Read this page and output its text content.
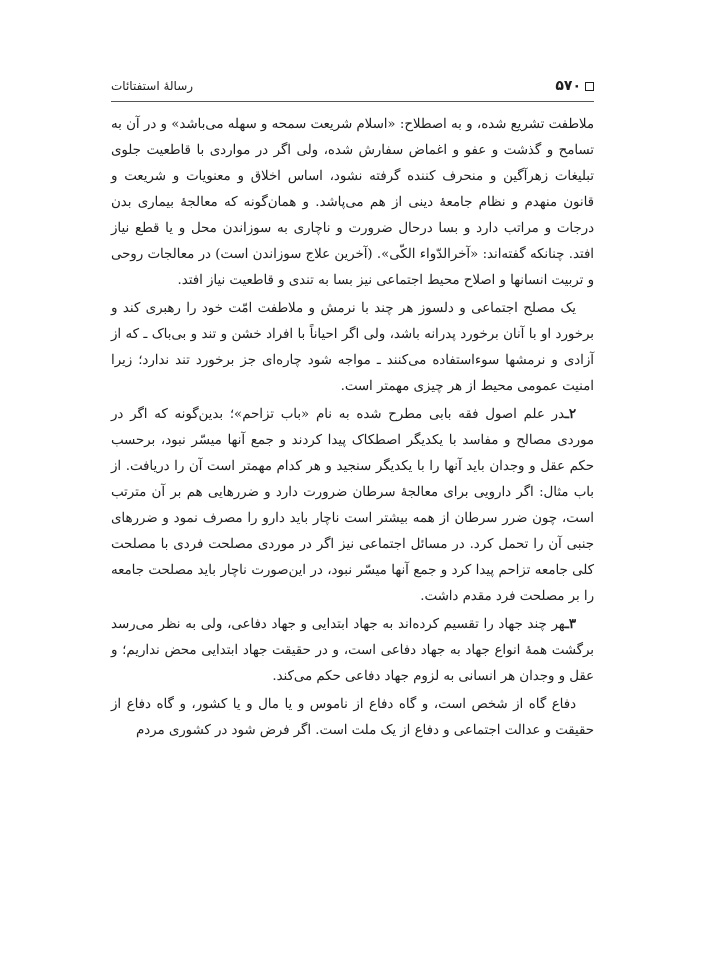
۵۷۰
رسالهٔ استفتائات

ملاطفت تشریع شده، و به اصطلاح: «اسلام شریعت سمحه و سهله می‌باشد» و در آن به تسامح و گذشت و عفو و اغماض سفارش شده، ولی اگر در مواردی با قاطعیت جلوی تبلیغات زهرآگین و منحرف کننده گرفته نشود، اساس اخلاق و معنویات و شریعت و قانون منهدم و نظام جامعهٔ دینی از هم می‌پاشد. و همان‌گونه که معالجهٔ بیماری بدن درجات و مراتب دارد و بسا درحال ضرورت و ناچاری به سوزاندن محل و یا قطع نیاز افتد. چنانکه گفته‌اند: «آخرالدّواء الکّی». (آخرین علاج سوزاندن است) در معالجات روحی و تربیت انسانها و اصلاح محیط اجتماعی نیز بسا به تندی و قاطعیت نیاز افتد.

یک مصلح اجتماعی و دلسوز هر چند با نرمش و ملاطفت امّت خود را رهبری کند و برخورد او با آنان برخورد پدرانه باشد، ولی اگر احیاناً با افراد خشن و تند و بی‌باک ـ که از آزادی و نرمشها سوءاستفاده می‌کنند ـ مواجه شود چاره‌ای جز برخورد تند ندارد؛ زیرا امنیت عمومی محیط از هر چیزی مهمتر است.

۲ـدر علم اصول فقه بابی مطرح شده به نام «باب تزاحم»؛ بدین‌گونه که اگر در موردی مصالح و مفاسد با یکدیگر اصطکاک پیدا کردند و جمع آنها میسّر نبود، برحسب حکم عقل و وجدان باید آنها را با یکدیگر سنجید و هر کدام مهمتر است آن را دریافت. از باب مثال: اگر دارویی برای معالجهٔ سرطان ضرورت دارد و ضررهایی هم بر آن مترتب است، چون ضرر سرطان از همه بیشتر است ناچار باید دارو را مصرف نمود و ضررهای جنبی آن را تحمل کرد. در مسائل اجتماعی نیز اگر در موردی مصلحت فردی با مصلحت کلی جامعه تزاحم پیدا کرد و جمع آنها میسّر نبود، در این‌صورت ناچار باید مصلحت جامعه را بر مصلحت فرد مقدم داشت.

۳ـهر چند جهاد را تقسیم کرده‌اند به جهاد ابتدایی و جهاد دفاعی، ولی به نظر می‌رسد برگشت همهٔ انواع جهاد به جهاد دفاعی است، و در حقیقت جهاد ابتدایی محض نداریم؛ و عقل و وجدان هر انسانی به لزوم جهاد دفاعی حکم می‌کند.

دفاع گاه از شخص است، و گاه دفاع از ناموس و یا مال و یا کشور، و گاه دفاع از حقیقت و عدالت اجتماعی و دفاع از یک ملت است. اگر فرض شود در کشوری مردم
